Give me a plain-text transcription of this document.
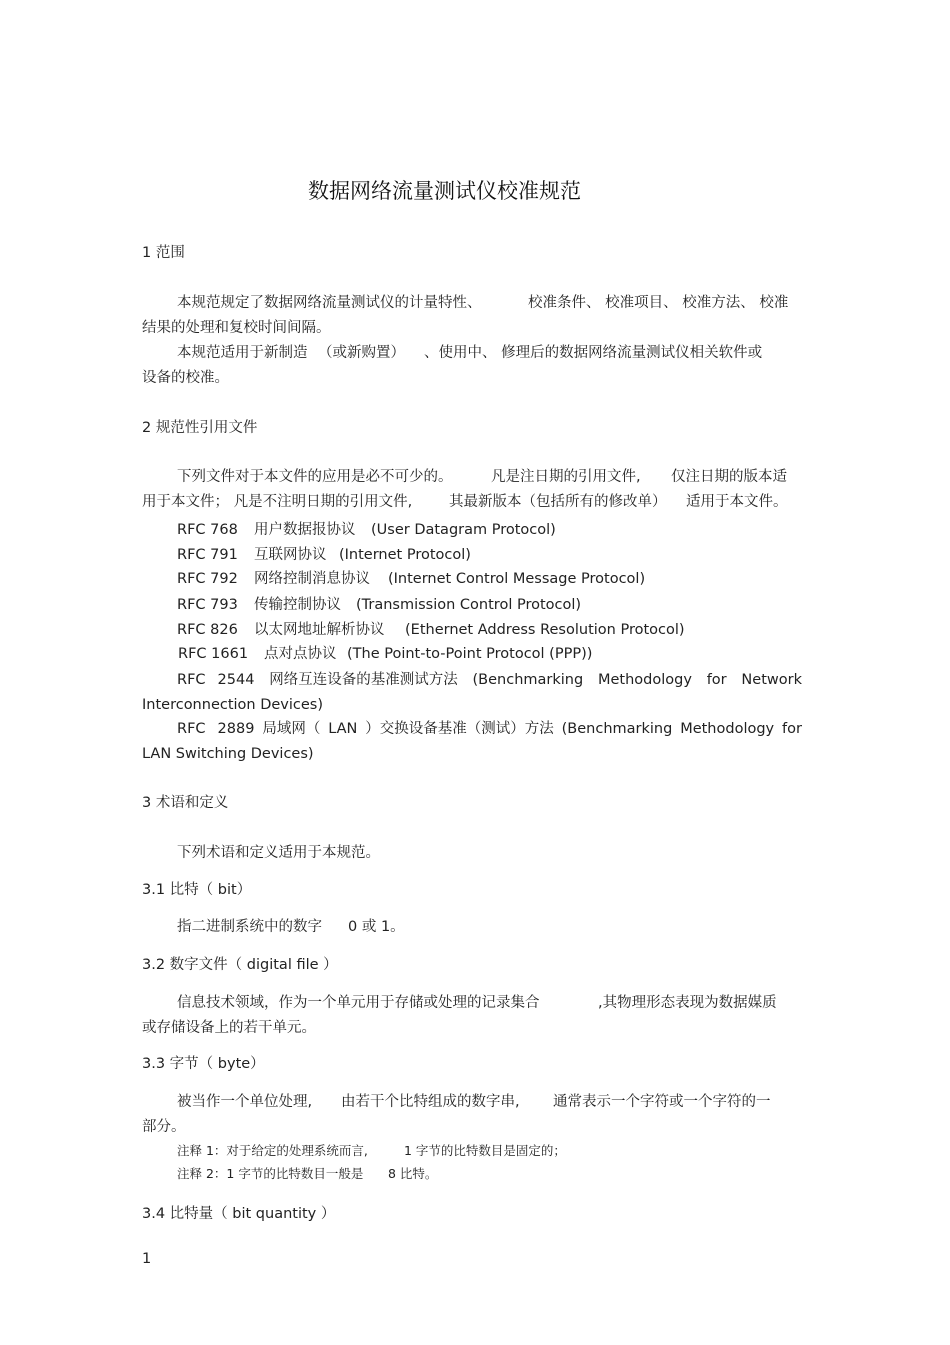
数据网络流量测试仪校准规范
1 范围
本规范规定了数据网络流量测试仪的计量特性、	校准条件、 校准项目、 校准方法、 校准
结果的处理和复校时间间隔。
本规范适用于新制造 （或新购置） 、使用中、 修理后的数据网络流量测试仪相关软件或
设备的校准。
2 规范性引用文件
下列文件对于本文件的应用是必不可少的。	凡是注日期的引用文件, 仅注日期的版本适
用于本文件； 凡是不注明日期的引用文件,	其最新版本（包括所有的修改单） 适用于本文件。
RFC 768 用户数据报协议 (User Datagram Protocol)
RFC 791 互联网协议 (Internet Protocol)
RFC 792 网络控制消息协议 (Internet Control Message Protocol)
RFC 793 传输控制协议 (Transmission Control Protocol)
RFC 826 以太网地址解析协议 (Ethernet Address Resolution Protocol)
RFC 1661 点对点协议 (The Point-to-Point Protocol (PPP))
RFC 2544 网络互连设备的基准测试方法 (Benchmarking Methodology for Network
Interconnection Devices)
RFC 2889 局域网（ LAN ）交换设备基准（测试）方法 (Benchmarking Methodology for
LAN Switching Devices)
3 术语和定义
下列术语和定义适用于本规范。
3.1 比特（ bit）
指二进制系统中的数字 0 或 1。
3.2 数字文件（ digital file ）
信息技术领域，作为一个单元用于存储或处理的记录集合	,其物理形态表现为数据媒质
或存储设备上的若干单元。
3.3 字节（ byte）
被当作一个单位处理, 由若干个比特组成的数字串, 通常表示一个字符或一个字符的一
部分。
注释 1：对于给定的处理系统而言,	1 字节的比特数目是固定的；
注释 2：1 字节的比特数目一般是 8 比特。
3.4 比特量（ bit quantity ）
1
